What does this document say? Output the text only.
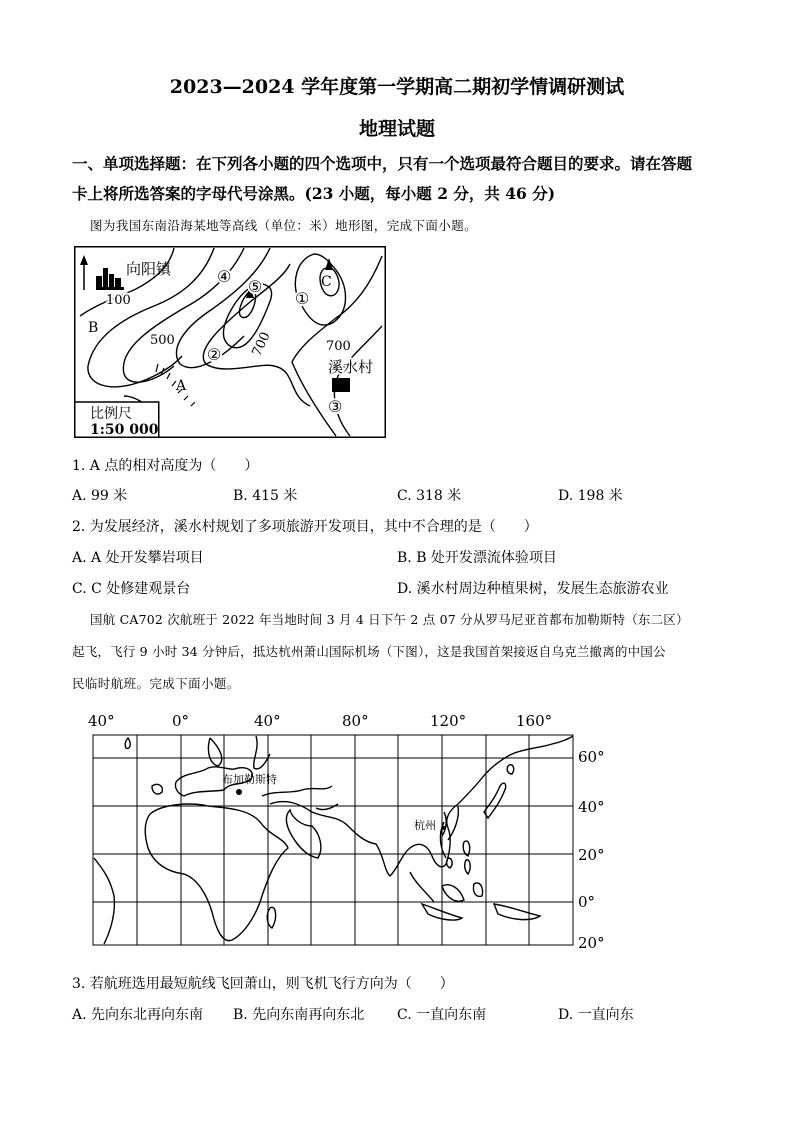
2023—2024 学年度第一学期高二期初学情调研测试
地理试题
一、单项选择题：在下列各小题的四个选项中，只有一个选项最符合题目的要求。请在答题
卡上将所选答案的字母代号涂黑。(23 小题，每小题 2 分，共 46 分)
图为我国东南沿海某地等高线（单位：米）地形图，完成下面小题。
向阳镇
100
500	700	700
B
A
C
①
②
③
④
⑤
溪水村
比例尺
1:50 000
1. A 点的相对高度为（　　）
A. 99 米	B. 415 米	C. 318 米	D. 198 米
2. 为发展经济，溪水村规划了多项旅游开发项目，其中不合理的是（　　）
A. A 处开发攀岩项目	B. B 处开发漂流体验项目
C. C 处修建观景台	D. 溪水村周边种植果树，发展生态旅游农业
国航 CA702 次航班于 2022 年当地时间 3 月 4 日下午 2 点 07 分从罗马尼亚首都布加勒斯特（东二区）
起飞，飞行 9 小时 34 分钟后，抵达杭州萧山国际机场（下图），这是我国首架接返自乌克兰撤离的中国公
民临时航班。完成下面小题。
40°	0°	40°	80°	120°	160°
60°
40°
20°
0°
20°
布加勒斯特
杭州
3. 若航班选用最短航线飞回萧山，则飞机飞行方向为（　　）
A. 先向东北再向东南 B. 先向东南再向东北 C. 一直向东南	D. 一直向东
